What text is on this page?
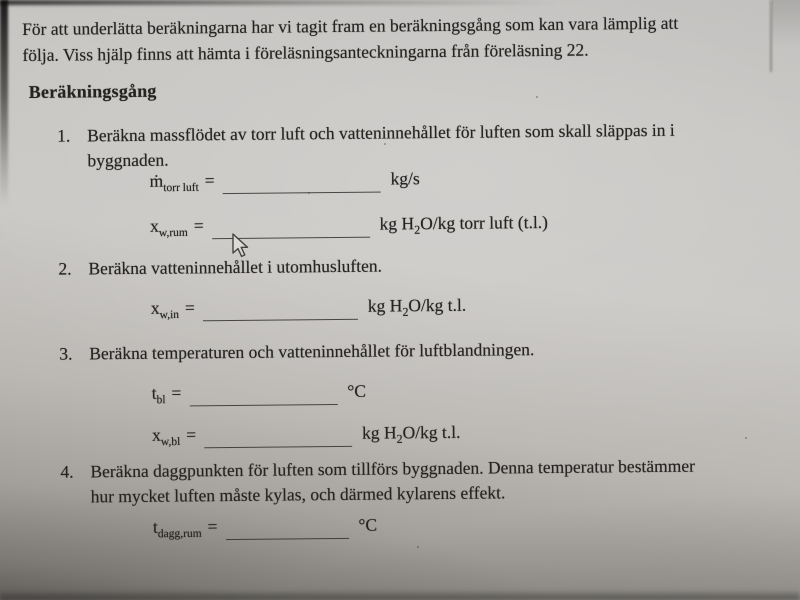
För att underlätta beräkningarna har vi tagit fram en beräkningsgång som kan vara lämplig att
följa. Viss hjälp finns att hämta i föreläsningsanteckningarna från föreläsning 22.
Beräkningsgång
1. Beräkna massflödet av torr luft och vatteninnehållet för luften som skall släppas in i
byggnaden.
ṁ$_{torr luft}$ =	kg/s
$x_{w,rum}$ =	kg $H_2O/kg$ torr luft (t.l.)
2. Beräkna vatteninnehållet i utomhusluften.
$x_{w,in}$ =	kg $H_2O/kg$ t.l.
3. Beräkna temperaturen och vatteninnehållet för luftblandningen.
$t_{bl}$ =	°C
$x_{w,bl}$ =	kg $H_2O/kg$ t.l.
4. Beräkna daggpunkten för luften som tillförs byggnaden. Denna temperatur bestämmer
hur mycket luften måste kylas, och därmed kylarens effekt.
$t_{dagg,rum}$ =	°C
